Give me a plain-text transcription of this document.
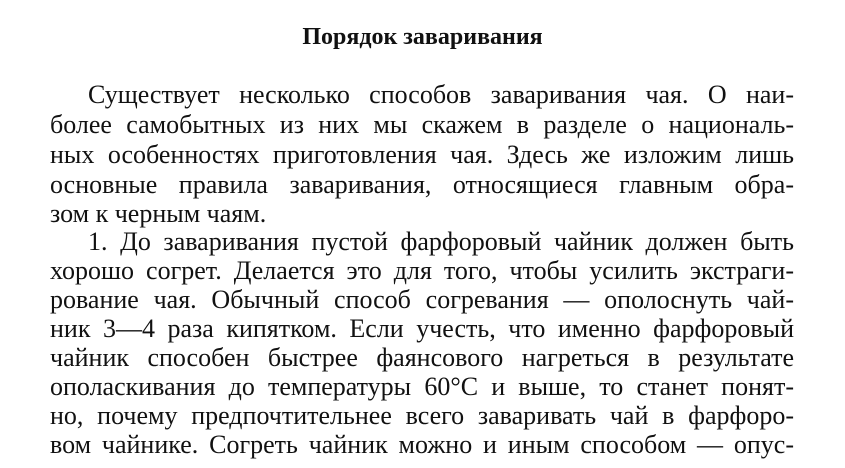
Порядок заваривания
Существует несколько способов заваривания чая. О наи-
более самобытных из них мы скажем в разделе о националь-
ных особенностях приготовления чая. Здесь же изложим лишь
основные правила заваривания, относящиеся главным обра-
зом к черным чаям.
1. До заваривания пустой фарфоровый чайник должен быть
хорошо согрет. Делается это для того, чтобы усилить экстраги-
рование чая. Обычный способ согревания — ополоснуть чай-
ник 3—4 раза кипятком. Если учесть, что именно фарфоровый
чайник способен быстрее фаянсового нагреться в результате
ополаскивания до температуры 60°C и выше, то станет понят-
но, почему предпочтительнее всего заваривать чай в фарфоро-
вом чайнике. Согреть чайник можно и иным способом — опус-
